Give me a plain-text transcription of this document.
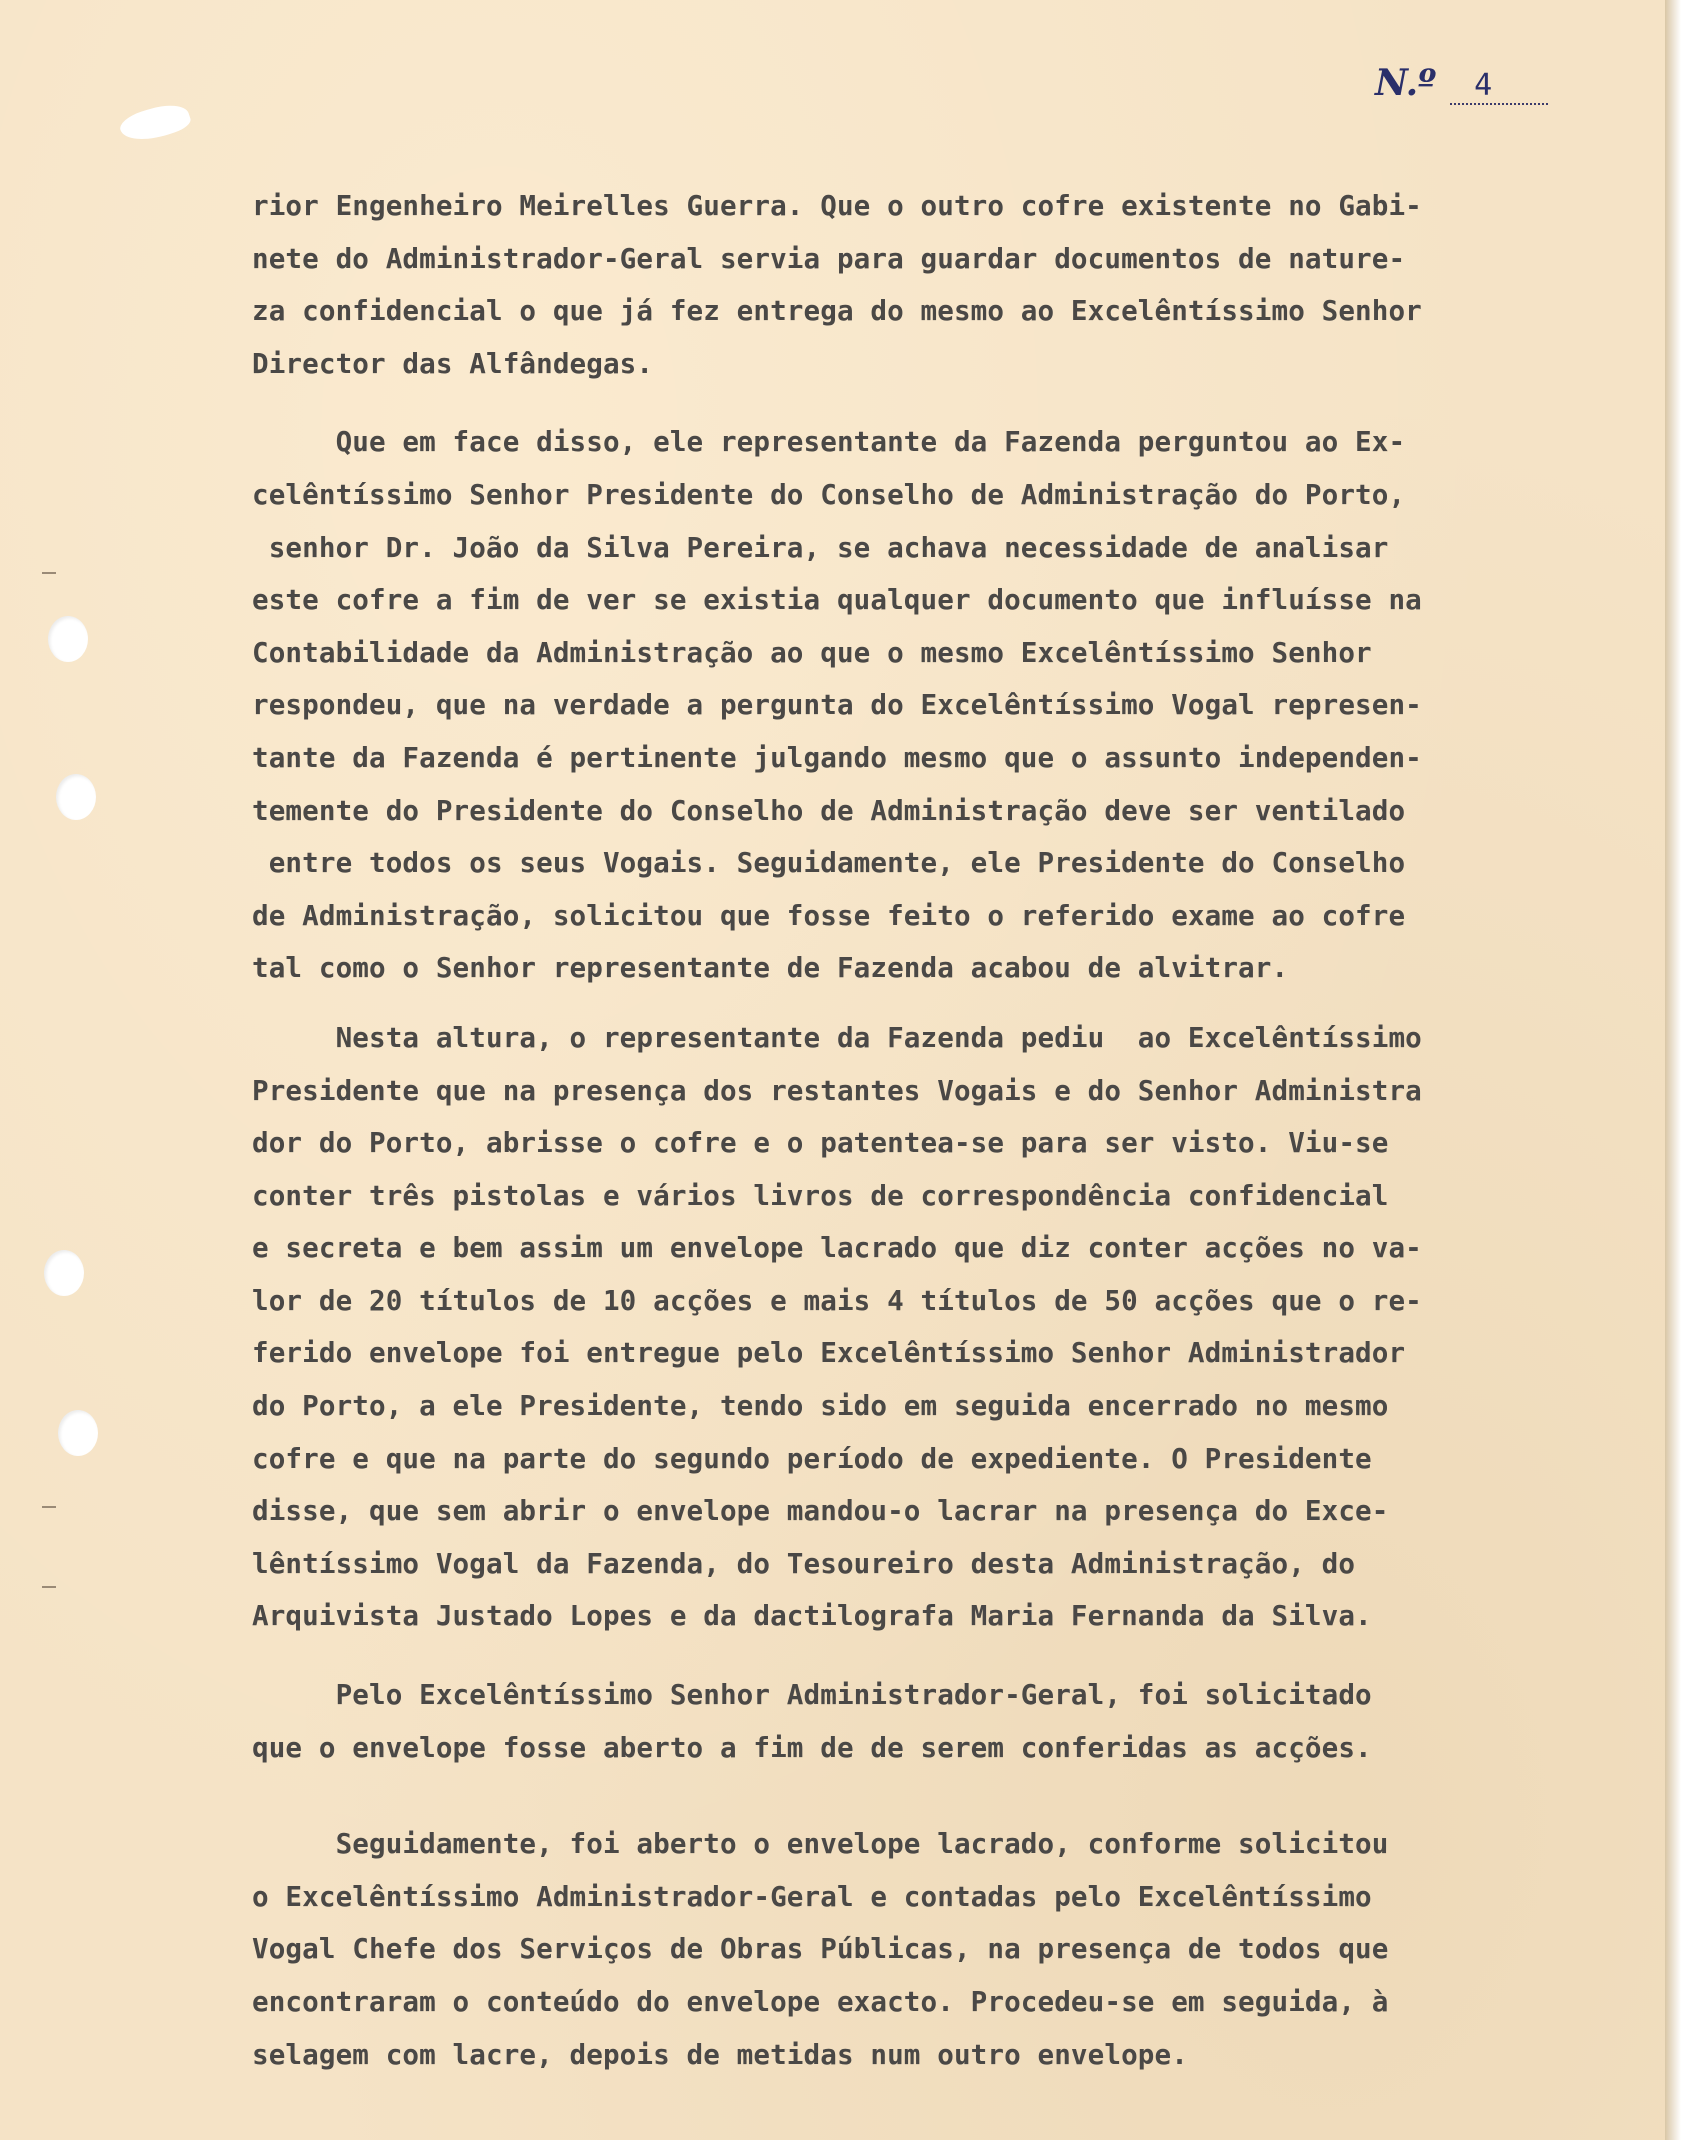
N.º	4
rior Engenheiro Meirelles Guerra. Que o outro cofre existente no Gabi-
nete do Administrador-Geral servia para guardar documentos de nature-
za confidencial o que já fez entrega do mesmo ao Excelêntíssimo Senhor
Director das Alfândegas.
Que em face disso, ele representante da Fazenda perguntou ao Ex-
celêntíssimo Senhor Presidente do Conselho de Administração do Porto,
senhor Dr. João da Silva Pereira, se achava necessidade de analisar
este cofre a fim de ver se existia qualquer documento que influísse na
Contabilidade da Administração ao que o mesmo Excelêntíssimo Senhor
respondeu, que na verdade a pergunta do Excelêntíssimo Vogal represen-
tante da Fazenda é pertinente julgando mesmo que o assunto independen-
temente do Presidente do Conselho de Administração deve ser ventilado
entre todos os seus Vogais. Seguidamente, ele Presidente do Conselho
de Administração, solicitou que fosse feito o referido exame ao cofre
tal como o Senhor representante de Fazenda acabou de alvitrar.
Nesta altura, o representante da Fazenda pediu  ao Excelêntíssimo
Presidente que na presença dos restantes Vogais e do Senhor Administra
dor do Porto, abrisse o cofre e o patentea-se para ser visto. Viu-se
conter três pistolas e vários livros de correspondência confidencial
e secreta e bem assim um envelope lacrado que diz conter acções no va-
lor de 20 títulos de 10 acções e mais 4 títulos de 50 acções que o re-
ferido envelope foi entregue pelo Excelêntíssimo Senhor Administrador
do Porto, a ele Presidente, tendo sido em seguida encerrado no mesmo
cofre e que na parte do segundo período de expediente. O Presidente
disse, que sem abrir o envelope mandou-o lacrar na presença do Exce-
lêntíssimo Vogal da Fazenda, do Tesoureiro desta Administração, do
Arquivista Justado Lopes e da dactilografa Maria Fernanda da Silva.
Pelo Excelêntíssimo Senhor Administrador-Geral, foi solicitado
que o envelope fosse aberto a fim de de serem conferidas as acções.
Seguidamente, foi aberto o envelope lacrado, conforme solicitou
o Excelêntíssimo Administrador-Geral e contadas pelo Excelêntíssimo
Vogal Chefe dos Serviços de Obras Públicas, na presença de todos que
encontraram o conteúdo do envelope exacto. Procedeu-se em seguida, à
selagem com lacre, depois de metidas num outro envelope.
